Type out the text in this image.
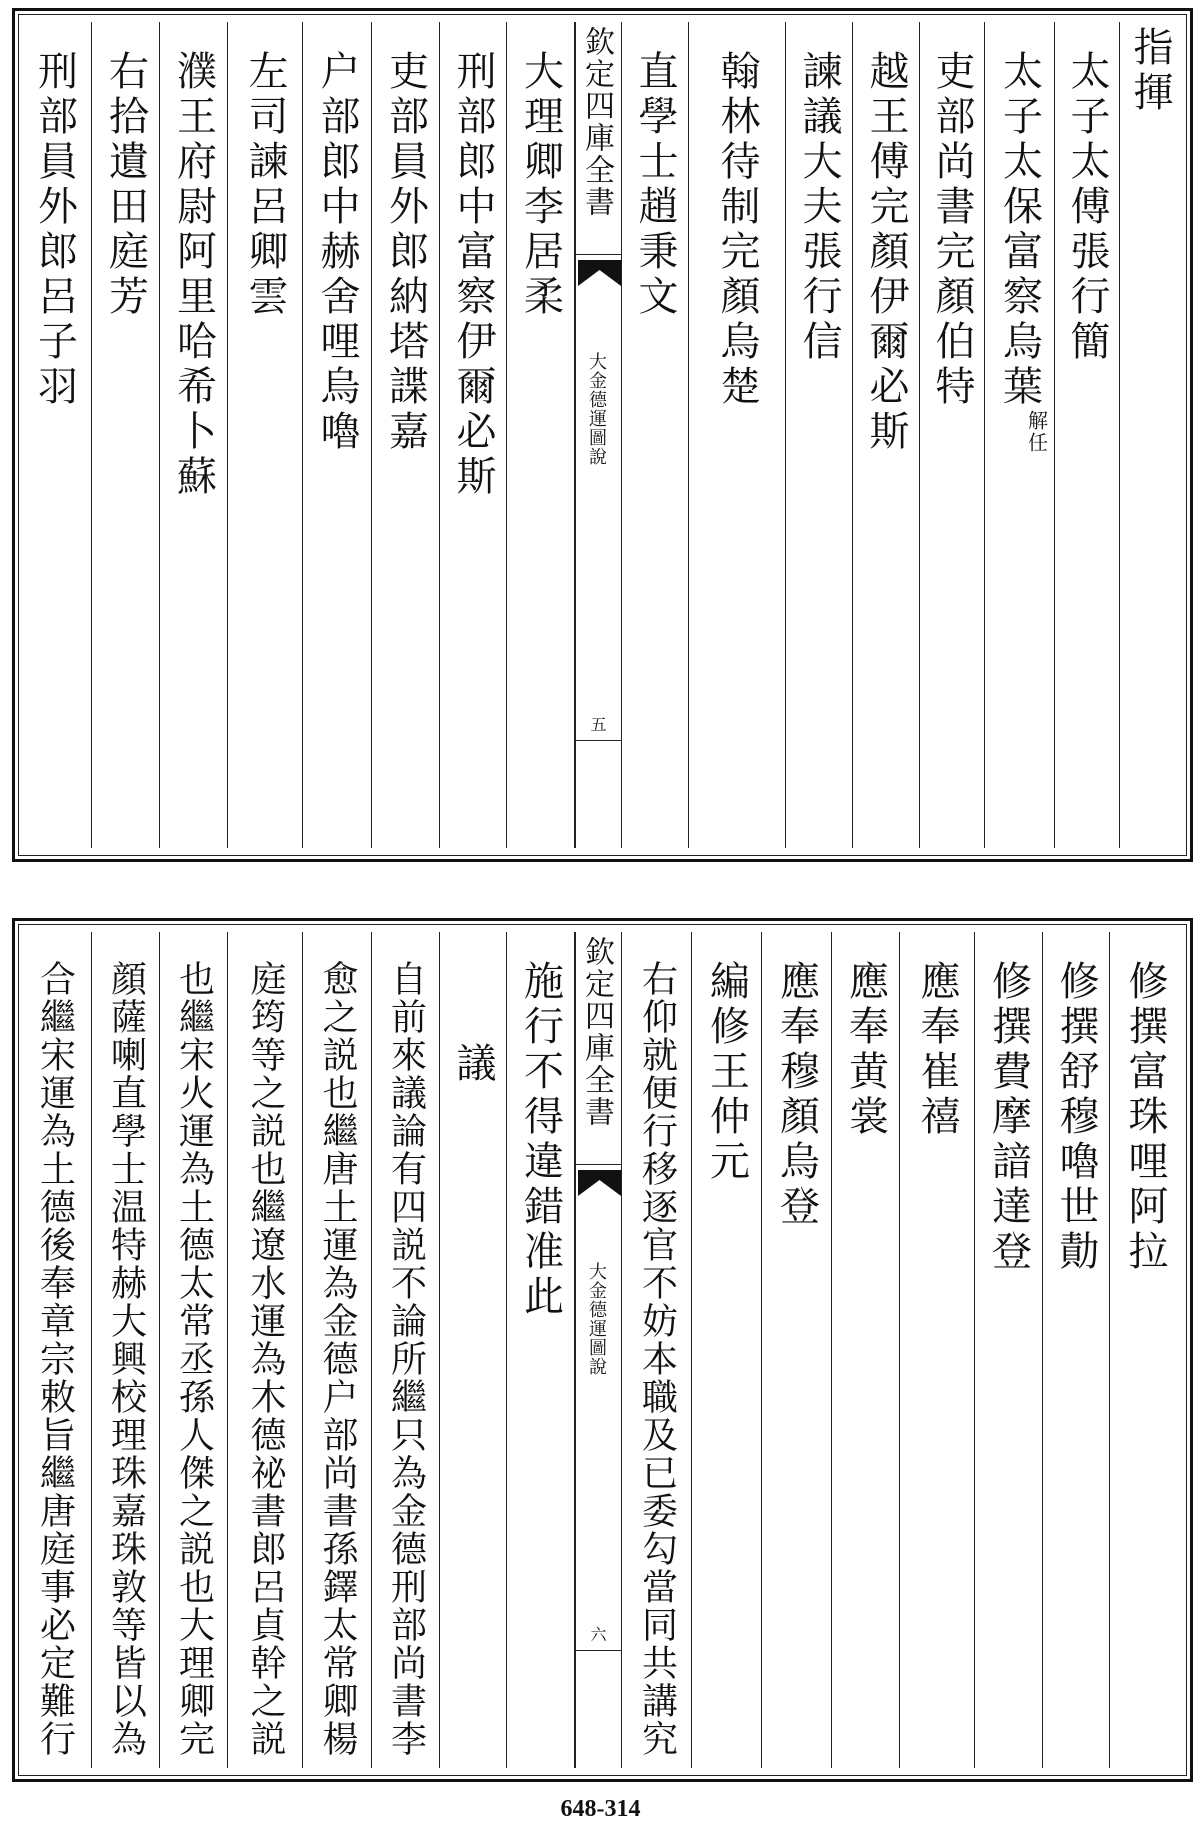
指揮
太子太傅張行簡
太子太保富察烏葉
解任
吏部尚書完顏伯特
越王傅完顏伊爾必斯
諫議大夫張行信
翰林待制完顏烏楚
直學士趙秉文
欽定四庫全書
大金德運圖說
五
大理卿李居柔
刑部郎中富察伊爾必斯
吏部員外郎納塔諜嘉
户部郎中赫舍哩烏嚕
左司諫呂卿雲
濮王府尉阿里哈希卜蘇
右拾遺田庭芳
刑部員外郎呂子羽
修撰富珠哩阿拉
修撰舒穆嚕世勣
修撰費摩諳達登
應奉崔禧
應奉黄裳
應奉穆顏烏登
編修王仲元
右仰就便行移逐官不妨本職及已委勾當同共講究
欽定四庫全書
大金德運圖說
六
施行不得違錯准此
議
自前來議論有四説不論所繼只為金德刑部尚書李
愈之説也繼唐土運為金德户部尚書孫鐸太常卿楊
庭筠等之説也繼遼水運為木德祕書郎呂貞幹之説
也繼宋火運為土德太常丞孫人傑之説也大理卿完
顔薩喇直學士温特赫大興校理珠嘉珠敦等皆以為
合繼宋運為土德後奉章宗敕旨繼唐庭事必定難行
648-314
